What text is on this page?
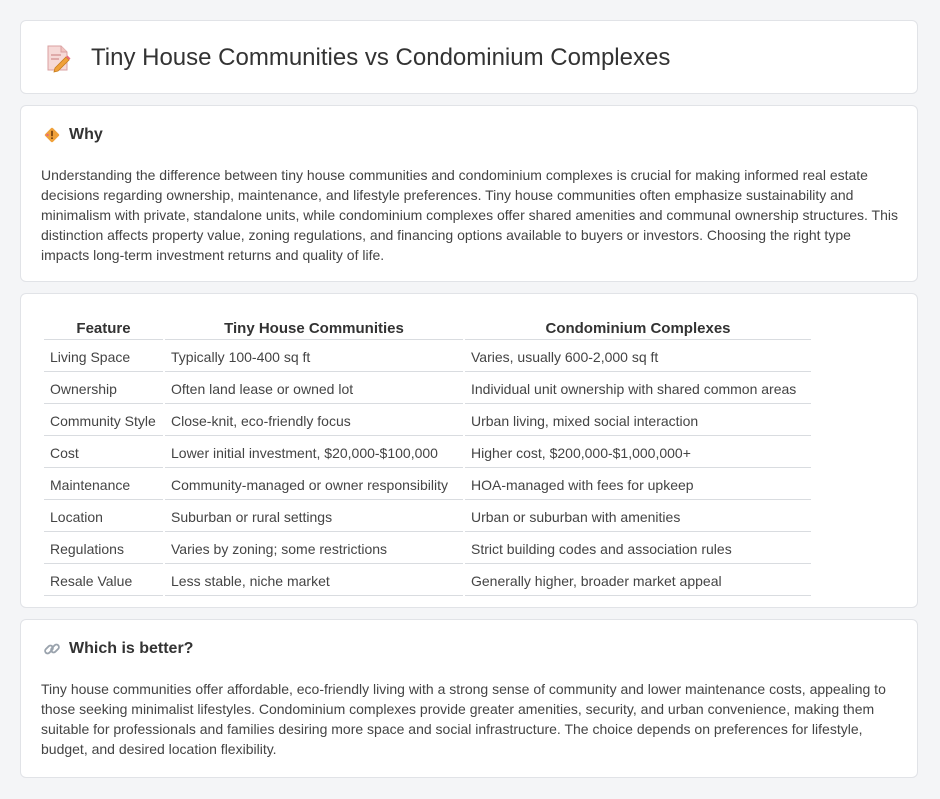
Tiny House Communities vs Condominium Complexes
Why
Understanding the difference between tiny house communities and condominium complexes is crucial for making informed real estate decisions regarding ownership, maintenance, and lifestyle preferences. Tiny house communities often emphasize sustainability and minimalism with private, standalone units, while condominium complexes offer shared amenities and communal ownership structures. This distinction affects property value, zoning regulations, and financing options available to buyers or investors. Choosing the right type impacts long-term investment returns and quality of life.
Feature	Tiny House Communities	Condominium Complexes
Living Space	Typically 100-400 sq ft	Varies, usually 600-2,000 sq ft
Ownership	Often land lease or owned lot	Individual unit ownership with shared common areas
Community Style	Close-knit, eco-friendly focus	Urban living, mixed social interaction
Cost	Lower initial investment, $20,000-$100,000	Higher cost, $200,000-$1,000,000+
Maintenance	Community-managed or owner responsibility	HOA-managed with fees for upkeep
Location	Suburban or rural settings	Urban or suburban with amenities
Regulations	Varies by zoning; some restrictions	Strict building codes and association rules
Resale Value	Less stable, niche market	Generally higher, broader market appeal
Which is better?
Tiny house communities offer affordable, eco-friendly living with a strong sense of community and lower maintenance costs, appealing to those seeking minimalist lifestyles. Condominium complexes provide greater amenities, security, and urban convenience, making them suitable for professionals and families desiring more space and social infrastructure. The choice depends on preferences for lifestyle, budget, and desired location flexibility.
